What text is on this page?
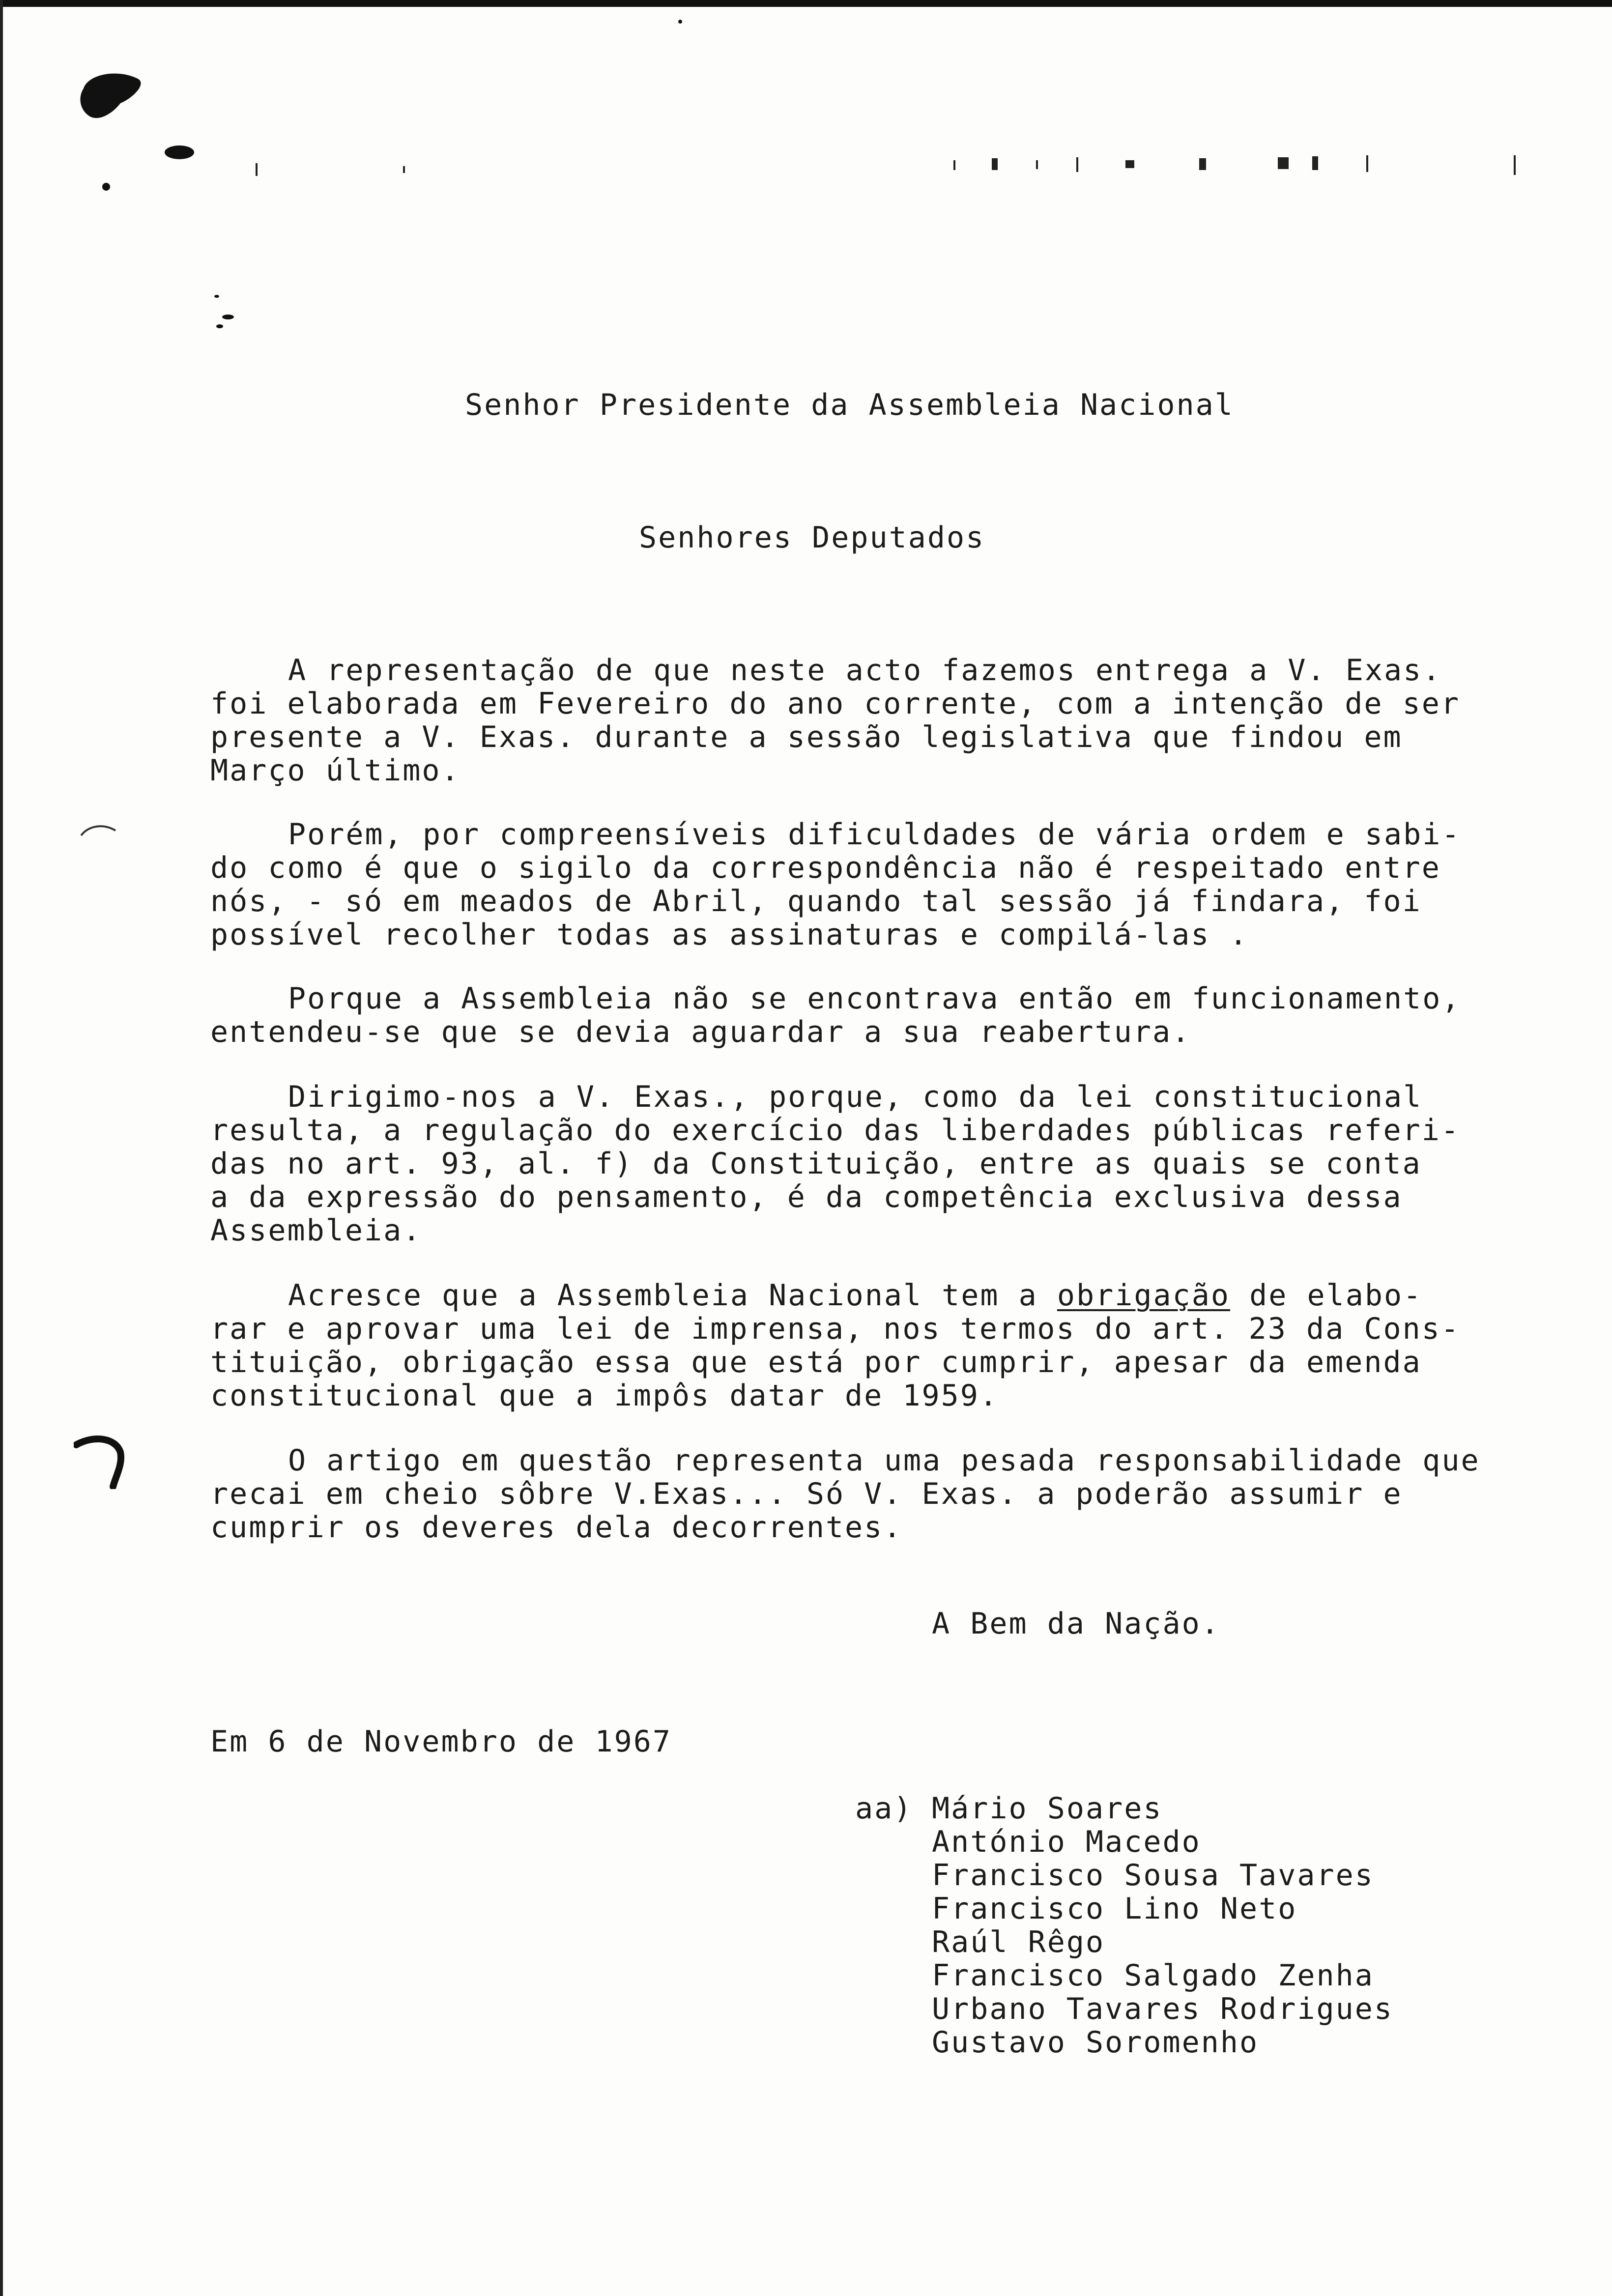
Senhor Presidente da Assembleia Nacional
Senhores Deputados
A representação de que neste acto fazemos entrega a V. Exas.
foi elaborada em Fevereiro do ano corrente, com a intenção de ser
presente a V. Exas. durante a sessão legislativa que findou em
Março último.
Porém, por compreensíveis dificuldades de vária ordem e sabi-
do como é que o sigilo da correspondência não é respeitado entre
nós, - só em meados de Abril, quando tal sessão já findara, foi
possível recolher todas as assinaturas e compilá-las .
Porque a Assembleia não se encontrava então em funcionamento,
entendeu-se que se devia aguardar a sua reabertura.
Dirigimo-nos a V. Exas., porque, como da lei constitucional
resulta, a regulação do exercício das liberdades públicas referi-
das no art. 93, al. f) da Constituição, entre as quais se conta
a da expressão do pensamento, é da competência exclusiva dessa
Assembleia.
Acresce que a Assembleia Nacional tem a obrigação de elabo-
rar e aprovar uma lei de imprensa, nos termos do art. 23 da Cons-
tituição, obrigação essa que está por cumprir, apesar da emenda
constitucional que a impôs datar de 1959.
O artigo em questão representa uma pesada responsabilidade que
recai em cheio sôbre V.Exas... Só V. Exas. a poderão assumir e
cumprir os deveres dela decorrentes.
A Bem da Nação.
Em 6 de Novembro de 1967
aa) Mário Soares
António Macedo
Francisco Sousa Tavares
Francisco Lino Neto
Raúl Rêgo
Francisco Salgado Zenha
Urbano Tavares Rodrigues
Gustavo Soromenho
